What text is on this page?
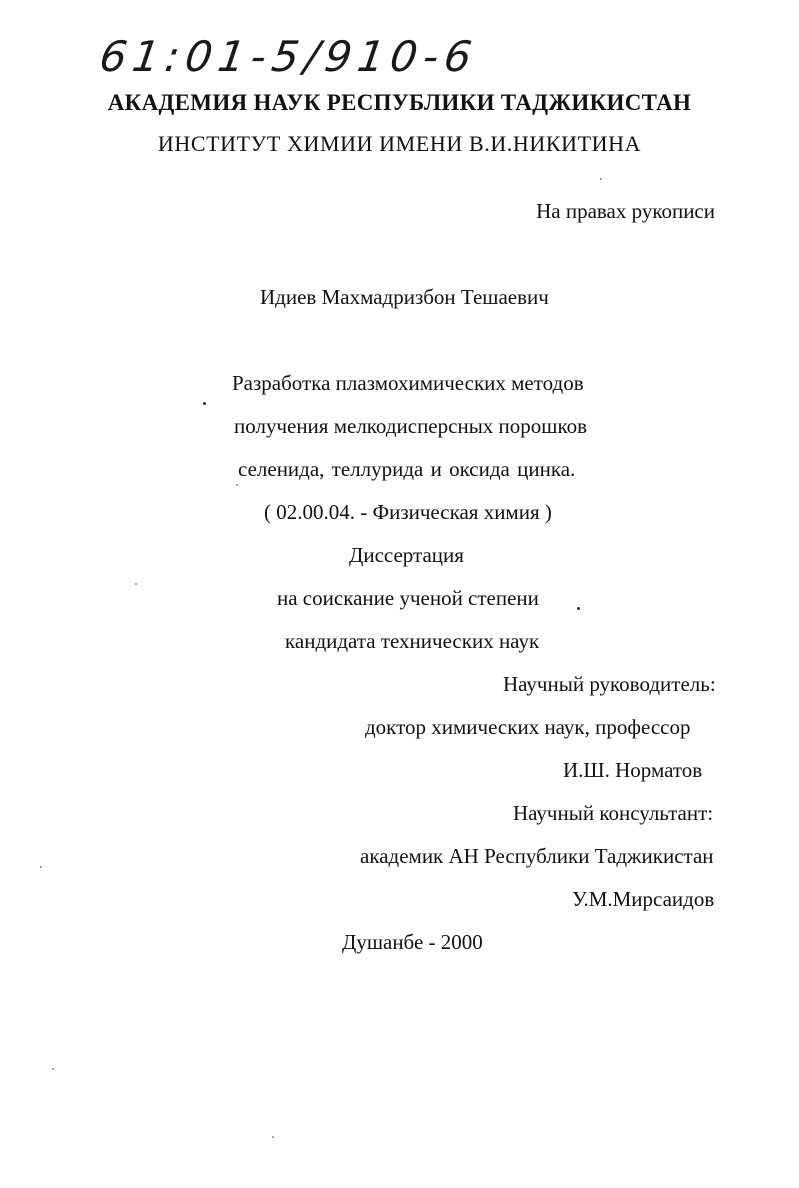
61:01-5/910-6
АКАДЕМИЯ НАУК РЕСПУБЛИКИ ТАДЖИКИСТАН
ИНСТИТУТ ХИМИИ ИМЕНИ В.И.НИКИТИНА
На правах рукописи
Идиев Махмадризбон Тешаевич
Разработка плазмохимических методов
получения мелкодисперсных порошков
селенида, теллурида и оксида цинка.
( 02.00.04. - Физическая химия )
Диссертация
на соискание ученой степени
кандидата технических наук
Научный руководитель:
доктор химических наук, профессор
И.Ш. Норматов
Научный консультант:
академик АН Республики Таджикистан
У.М.Мирсаидов
Душанбе - 2000
